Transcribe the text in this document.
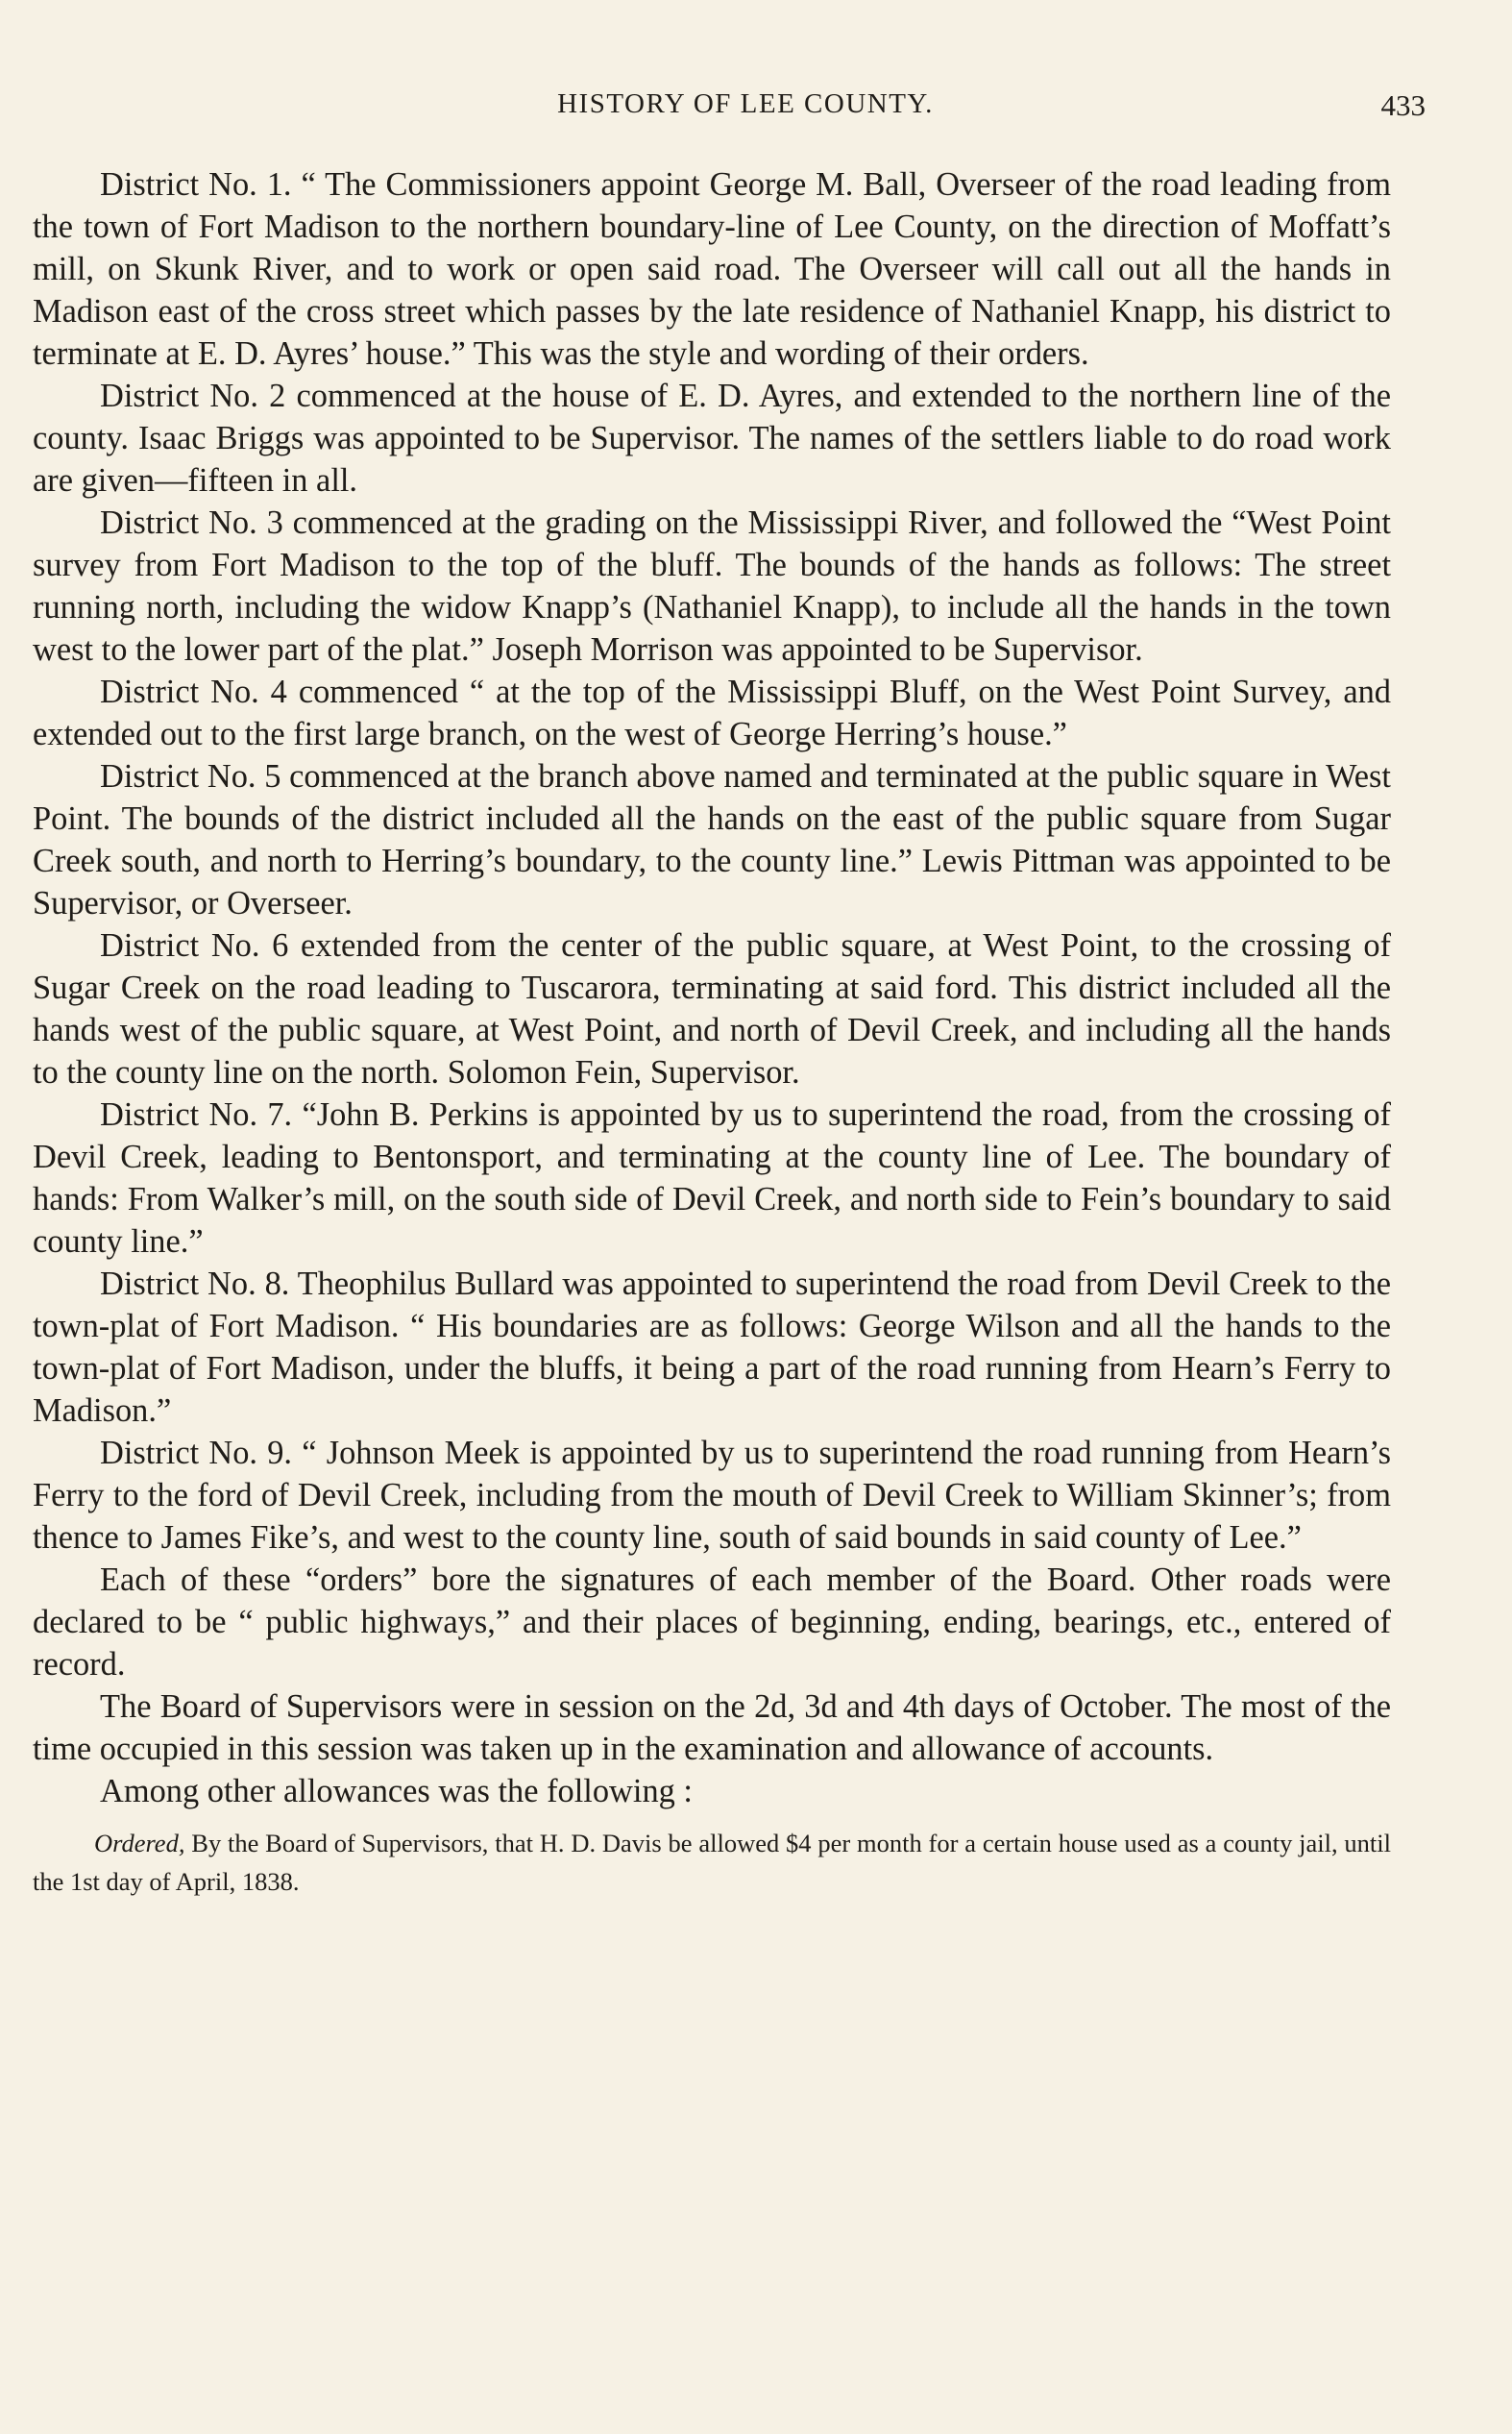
HISTORY OF LEE COUNTY.	433

District No. 1. “ The Commissioners appoint George M. Ball, Overseer of the road leading from the town of Fort Madison to the northern boundary-line of Lee County, on the direction of Moffatt’s mill, on Skunk River, and to work or open said road. The Overseer will call out all the hands in Madison east of the cross street which passes by the late residence of Nathaniel Knapp, his district to terminate at E. D. Ayres’ house.” This was the style and wording of their orders.

District No. 2 commenced at the house of E. D. Ayres, and extended to the northern line of the county. Isaac Briggs was appointed to be Supervisor. The names of the settlers liable to do road work are given—fifteen in all.

District No. 3 commenced at the grading on the Mississippi River, and followed the “West Point survey from Fort Madison to the top of the bluff. The bounds of the hands as follows: The street running north, including the widow Knapp’s (Nathaniel Knapp), to include all the hands in the town west to the lower part of the plat.” Joseph Morrison was appointed to be Supervisor.

District No. 4 commenced “ at the top of the Mississippi Bluff, on the West Point Survey, and extended out to the first large branch, on the west of George Herring’s house.”

District No. 5 commenced at the branch above named and terminated at the public square in West Point. The bounds of the district included all the hands on the east of the public square from Sugar Creek south, and north to Herring’s boundary, to the county line.” Lewis Pittman was appointed to be Supervisor, or Overseer.

District No. 6 extended from the center of the public square, at West Point, to the crossing of Sugar Creek on the road leading to Tuscarora, terminating at said ford. This district included all the hands west of the public square, at West Point, and north of Devil Creek, and including all the hands to the county line on the north. Solomon Fein, Supervisor.

District No. 7. “John B. Perkins is appointed by us to superintend the road, from the crossing of Devil Creek, leading to Bentonsport, and terminating at the county line of Lee. The boundary of hands: From Walker’s mill, on the south side of Devil Creek, and north side to Fein’s boundary to said county line.”

District No. 8. Theophilus Bullard was appointed to superintend the road from Devil Creek to the town-plat of Fort Madison. “ His boundaries are as follows: George Wilson and all the hands to the town-plat of Fort Madison, under the bluffs, it being a part of the road running from Hearn’s Ferry to Madison.”

District No. 9. “ Johnson Meek is appointed by us to superintend the road running from Hearn’s Ferry to the ford of Devil Creek, including from the mouth of Devil Creek to William Skinner’s; from thence to James Fike’s, and west to the county line, south of said bounds in said county of Lee.”

Each of these “orders” bore the signatures of each member of the Board. Other roads were declared to be “ public highways,” and their places of beginning, ending, bearings, etc., entered of record.

The Board of Supervisors were in session on the 2d, 3d and 4th days of October. The most of the time occupied in this session was taken up in the examination and allowance of accounts.

Among other allowances was the following :

Ordered, By the Board of Supervisors, that H. D. Davis be allowed $4 per month for a certain house used as a county jail, until the 1st day of April, 1838.
